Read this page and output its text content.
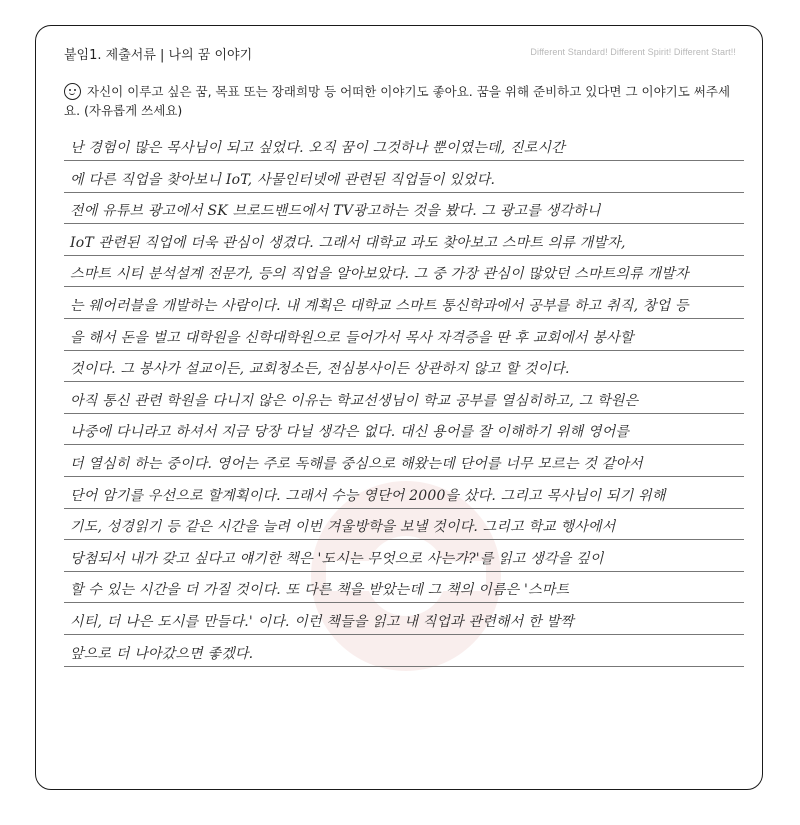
붙임1. 제출서류 | 나의 꿈 이야기	Different Standard! Different Spirit! Different Start!!
자신이 이루고 싶은 꿈, 목표 또는 장래희망 등 어떠한 이야기도 좋아요. 꿈을 위해 준비하고 있다면 그 이야기도 써주세요. (자유롭게 쓰세요)
난 경험이 많은 목사님이 되고 싶었다. 오직 꿈이 그것하나 뿐이였는데, 진로시간
에 다른 직업을 찾아보니 IoT, 사물인터넷에 관련된 직업들이 있었다.
전에 유튜브 광고에서 SK 브로드밴드에서 TV광고하는 것을 봤다. 그 광고를 생각하니
IoT 관련된 직업에 더욱 관심이 생겼다. 그래서 대학교 과도 찾아보고 스마트 의류 개발자,
스마트 시티 분석설계 전문가, 등의 직업을 알아보았다. 그 중 가장 관심이 많았던 스마트의류 개발자
는 웨어러블을 개발하는 사람이다. 내 계획은 대학교 스마트 통신학과에서 공부를 하고 취직, 창업 등
을 해서 돈을 벌고 대학원을 신학대학원으로 들어가서 목사 자격증을 딴 후 교회에서 봉사할
것이다. 그 봉사가 설교이든, 교회청소든, 전심봉사이든 상관하지 않고 할 것이다.
아직 통신 관련 학원을 다니지 않은 이유는 학교선생님이 학교 공부를 열심히하고, 그 학원은
나중에 다니라고 하셔서 지금 당장 다닐 생각은 없다. 대신 용어를 잘 이해하기 위해 영어를
더 열심히 하는 중이다. 영어는 주로 독해를 중심으로 해왔는데 단어를 너무 모르는 것 같아서
단어 암기를 우선으로 할계획이다. 그래서 수능 영단어 2000을 샀다. 그리고 목사님이 되기 위해
기도, 성경읽기 등 같은 시간을 늘려 이번 겨울방학을 보낼 것이다. 그리고 학교 행사에서
당첨되서 내가 갖고 싶다고 얘기한 책은 '도시는 무엇으로 사는가?'를 읽고 생각을 깊이
할 수 있는 시간을 더 가질 것이다. 또 다른 책을 받았는데 그 책의 이름은 '스마트
시티, 더 나은 도시를 만들다.' 이다. 이런 책들을 읽고 내 직업과 관련해서 한 발짝
앞으로 더 나아갔으면 좋겠다.
